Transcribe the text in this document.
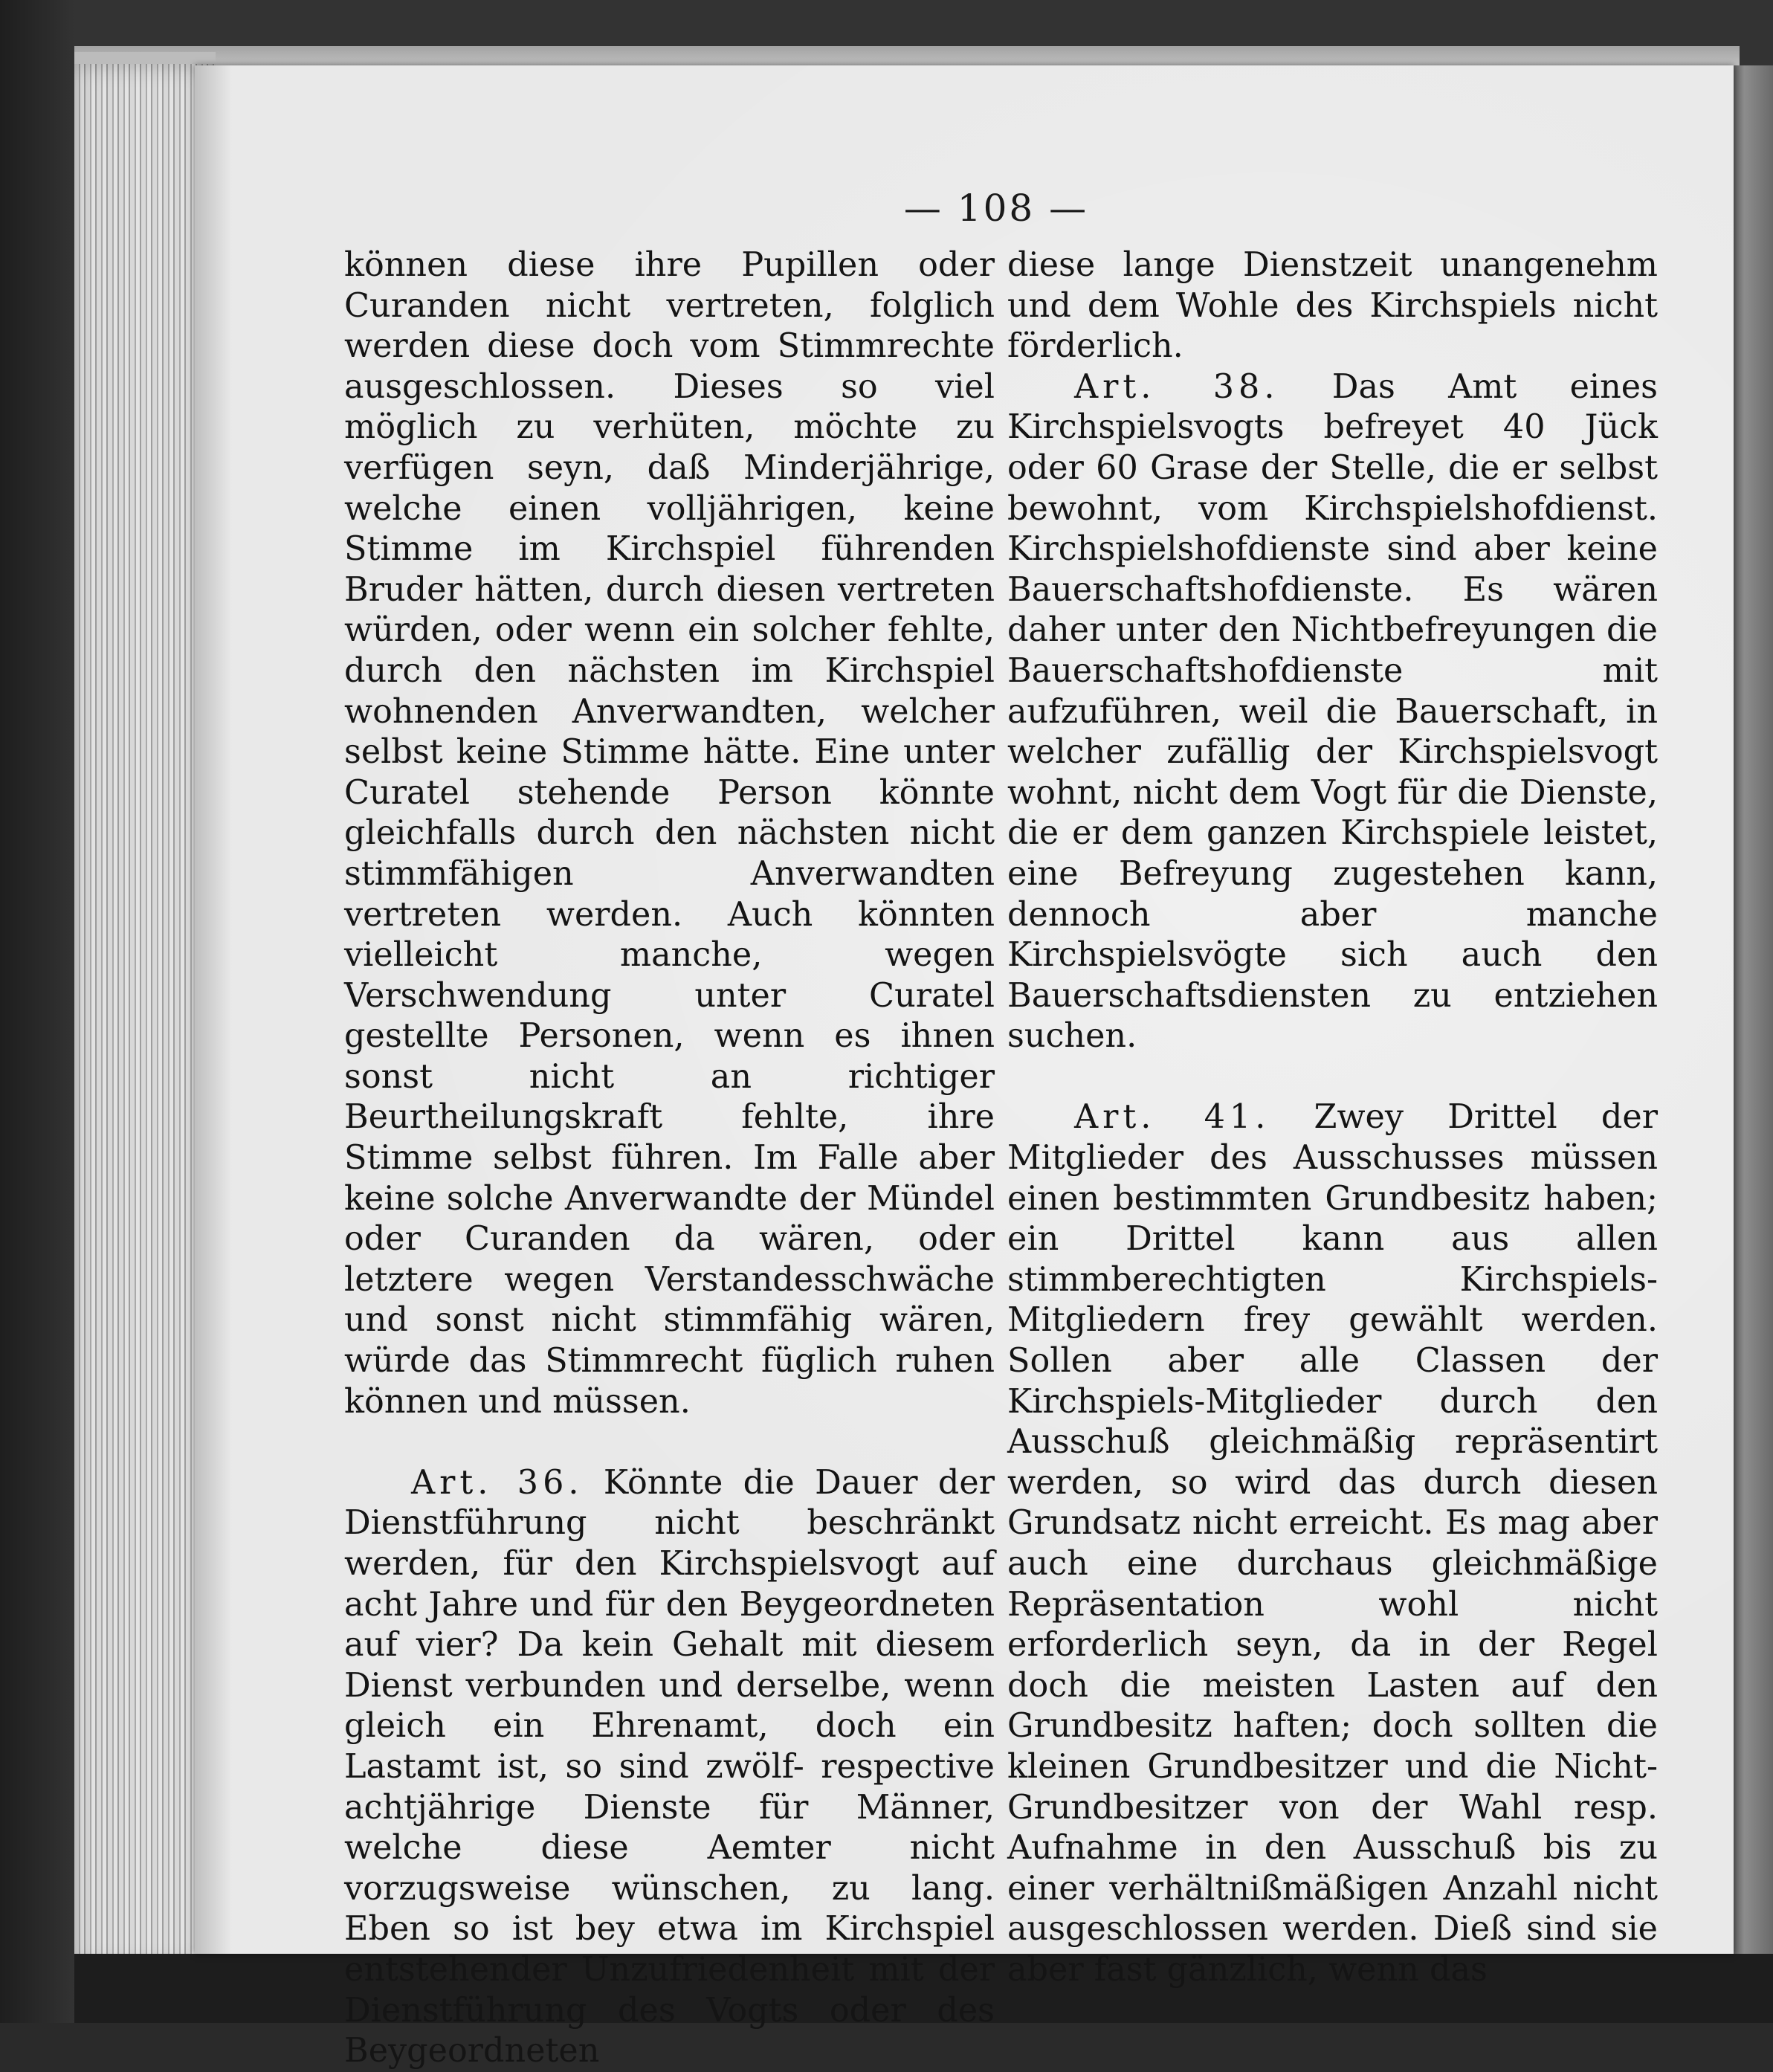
— 108 —

können diese ihre Pupillen oder Curanden nicht vertreten, folglich werden diese doch vom Stimmrechte ausgeschlossen. Dieses so viel möglich zu verhüten, möchte zu verfügen seyn, daß Minderjährige, welche einen volljährigen, keine Stimme im Kirchspiel führenden Bruder hätten, durch diesen vertreten würden, oder wenn ein solcher fehlte, durch den nächsten im Kirchspiel wohnenden Anverwandten, welcher selbst keine Stimme hätte. Eine unter Curatel stehende Person könnte gleichfalls durch den nächsten nicht stimmfähigen Anverwandten vertreten werden. Auch könnten vielleicht manche, wegen Verschwendung unter Curatel gestellte Personen, wenn es ihnen sonst nicht an richtiger Beurtheilungskraft fehlte, ihre Stimme selbst führen. Im Falle aber keine solche Anverwandte der Mündel oder Curanden da wären, oder letztere wegen Verstandesschwäche und sonst nicht stimmfähig wären, würde das Stimmrecht füglich ruhen können und müssen.

Art. 36. Könnte die Dauer der Dienstführung nicht beschränkt werden, für den Kirchspielsvogt auf acht Jahre und für den Beygeordneten auf vier? Da kein Gehalt mit diesem Dienst verbunden und derselbe, wenn gleich ein Ehrenamt, doch ein Lastamt ist, so sind zwölf- respective achtjährige Dienste für Männer, welche diese Aemter nicht vorzugsweise wünschen, zu lang. Eben so ist bey etwa im Kirchspiel entstehender Unzufriedenheit mit der Dienstführung des Vogts oder des Beygeordneten

diese lange Dienstzeit unangenehm und dem Wohle des Kirchspiels nicht förderlich.

Art. 38. Das Amt eines Kirchspielsvogts befreyet 40 Jück oder 60 Grase der Stelle, die er selbst bewohnt, vom Kirchspielshofdienst. Kirchspielshofdienste sind aber keine Bauerschaftshofdienste. Es wären daher unter den Nichtbefreyungen die Bauerschaftshofdienste mit aufzuführen, weil die Bauerschaft, in welcher zufällig der Kirchspielsvogt wohnt, nicht dem Vogt für die Dienste, die er dem ganzen Kirchspiele leistet, eine Befreyung zugestehen kann, dennoch aber manche Kirchspielsvögte sich auch den Bauerschaftsdiensten zu entziehen suchen.

Art. 41. Zwey Drittel der Mitglieder des Ausschusses müssen einen bestimmten Grundbesitz haben; ein Drittel kann aus allen stimmberechtigten Kirchspiels-Mitgliedern frey gewählt werden. Sollen aber alle Classen der Kirchspiels-Mitglieder durch den Ausschuß gleichmäßig repräsentirt werden, so wird das durch diesen Grundsatz nicht erreicht. Es mag aber auch eine durchaus gleichmäßige Repräsentation wohl nicht erforderlich seyn, da in der Regel doch die meisten Lasten auf den Grundbesitz haften; doch sollten die kleinen Grundbesitzer und die Nicht-Grundbesitzer von der Wahl resp. Aufnahme in den Ausschuß bis zu einer verhältnißmäßigen Anzahl nicht ausgeschlossen werden. Dieß sind sie aber fast gänzlich, wenn das
